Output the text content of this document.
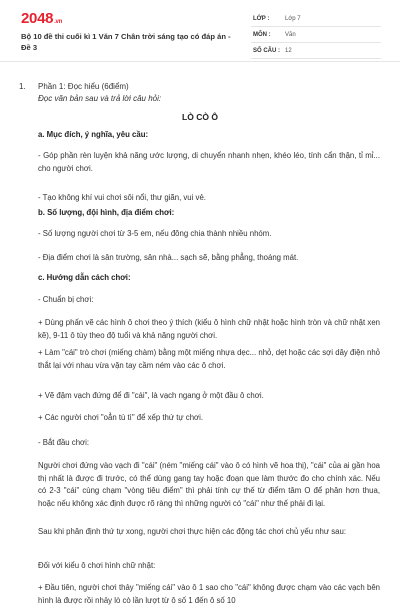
2048.vn
Bộ 10 đề thi cuối kì 1 Văn 7 Chân trời sáng tạo có đáp án - Đề 3
LỚP :	Lớp 7
MÔN : Văn
SỐ CÂU : 12
1. Phần 1: Đọc hiểu (6điểm)
Đọc văn bản sau và trả lời câu hỏi:
LÒ CÒ Ô
a. Mục đích, ý nghĩa, yêu cầu:
- Góp phần rèn luyện khả năng ước lượng, di chuyển nhanh nhẹn, khéo léo, tính cẩn thận, tỉ mỉ... cho người chơi.
- Tạo không khí vui chơi sôi nổi, thư giãn, vui vẻ.
b. Số lượng, đội hình, địa điểm chơi:
- Số lượng người chơi từ 3-5 em, nếu đông chia thành nhiều nhóm.
- Địa điểm chơi là sân trường, sân nhà... sạch sẽ, bằng phẳng, thoáng mát.
c. Hướng dẫn cách chơi:
- Chuẩn bị chơi:
+ Dùng phấn vẽ các hình ô chơi theo ý thích (kiểu ô hình chữ nhật hoặc hình tròn và chữ nhật xen kẽ), 9-11 ô tùy theo độ tuổi và khả năng người chơi.
+ Làm "cái" trò chơi (miếng chàm) bằng một miếng nhựa dẹc... nhỏ, dẹt hoặc các sợi dây điện nhỏ thắt lại với nhau vừa vặn tay cầm ném vào các ô chơi.
+ Vẽ đậm vạch đứng để đi "cái", là vạch ngang ở một đầu ô chơi.
+ Các người chơi "oẳn tù tì" để xếp thứ tự chơi.
- Bắt đầu chơi:
Người chơi đứng vào vạch đi "cái" (ném "miếng cái" vào ô có hình vẽ hoa thị), "cái" của ai gần hoa thị nhất là được đi trước, có thể dùng gang tay hoặc đoạn que làm thước đo cho chính xác. Nếu có 2-3 "cái" cùng chạm "vòng tiêu điểm" thì phải tính cự thế từ điểm tâm O để phân hơn thua, hoặc nếu không xác định được rõ ràng thì những người có "cái" như thế phải đi lại.
Sau khi phân định thứ tự xong, người chơi thực hiện các động tác chơi chủ yếu như sau:
Đối với kiểu ô chơi hình chữ nhật:
+ Đầu tiên, người chơi thảy "miếng cái" vào ô 1 sao cho "cái" không được chạm vào các vạch bên hình là được rồi nhảy lò cò lần lượt từ ô số 1 đến ô số 10
